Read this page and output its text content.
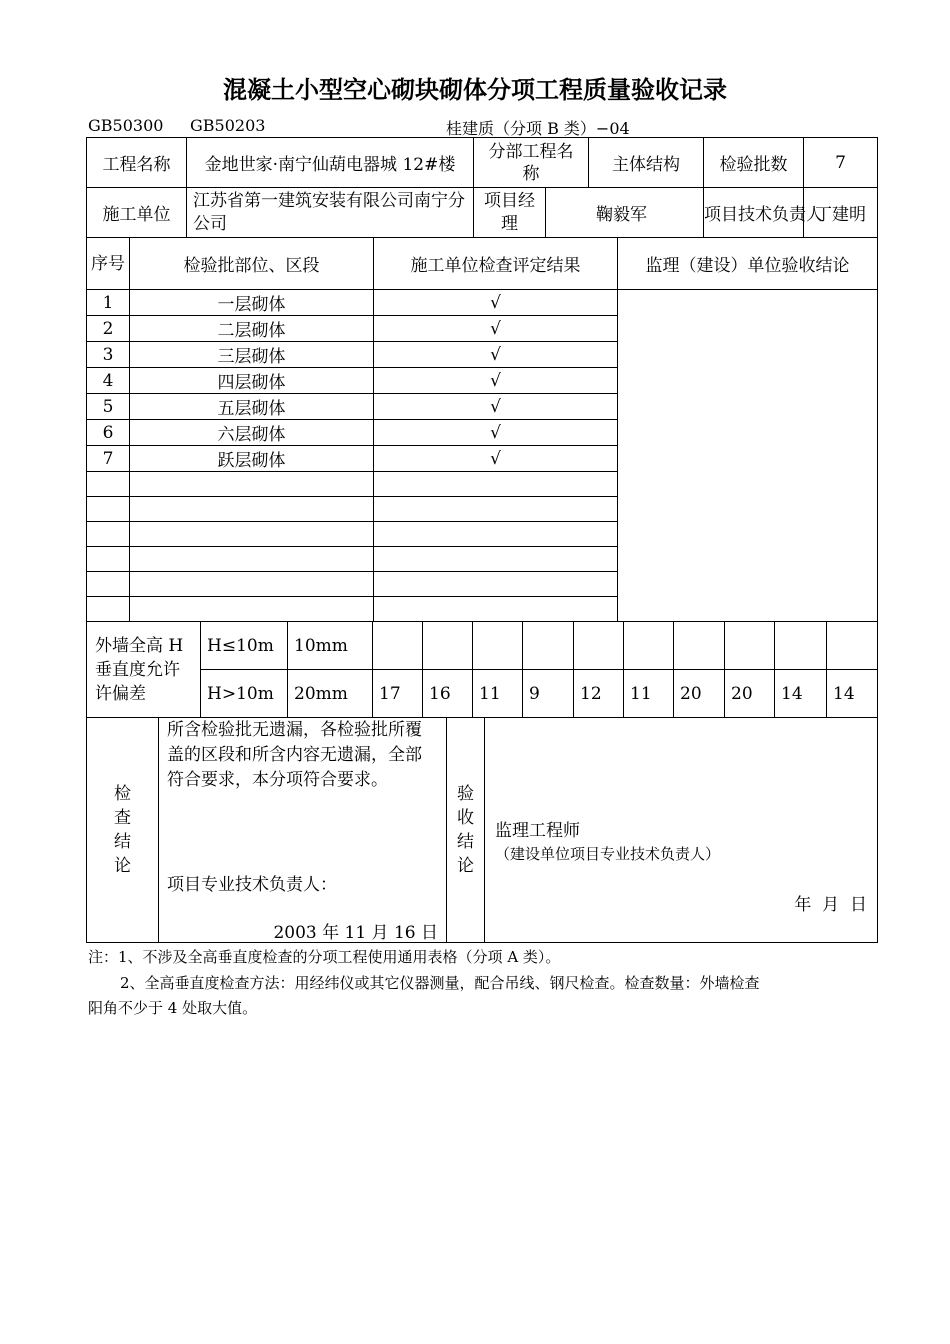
混凝土小型空心砌块砌体分项工程质量验收记录
GB50300 GB50203	桂建质（分项 B 类）−04
工程名称	金地世家·南宁仙葫电器城 12#楼	分部工程名　称		主体结构	检验批数	7
施工单位	江苏省第一建筑安装有限公司南宁分公司	项目经理	鞠毅军		项目技术负责人	丁建明
序号	检验批部位、区段	施工单位检查评定结果	监理（建设）单位验收结论
1	一层砌体	√	
2	二层砌体	√	
3	三层砌体	√	
4	四层砌体	√	
5	五层砌体	√	
6	六层砌体	√	
7	跃层砌体	√	

外墙全高 H 垂直度允许许偏差	H≤10m	10mm										
	H>10m	20mm	17	16	11	9	12	11	20	20	14	14
检查结论

所含检验批无遗漏，各检验批所覆盖的区段和所含内容无遗漏，全部符合要求，本分项符合要求。
项目专业技术负责人：
2003 年 11 月 16 日

验收结论

监理工程师
（建设单位项目专业技术负责人）
年  月  日
注：1、不涉及全高垂直度检查的分项工程使用通用表格（分项 A 类）。
2、全高垂直度检查方法：用经纬仪或其它仪器测量，配合吊线、钢尺检查。检查数量：外墙检查
阳角不少于 4 处取大值。
